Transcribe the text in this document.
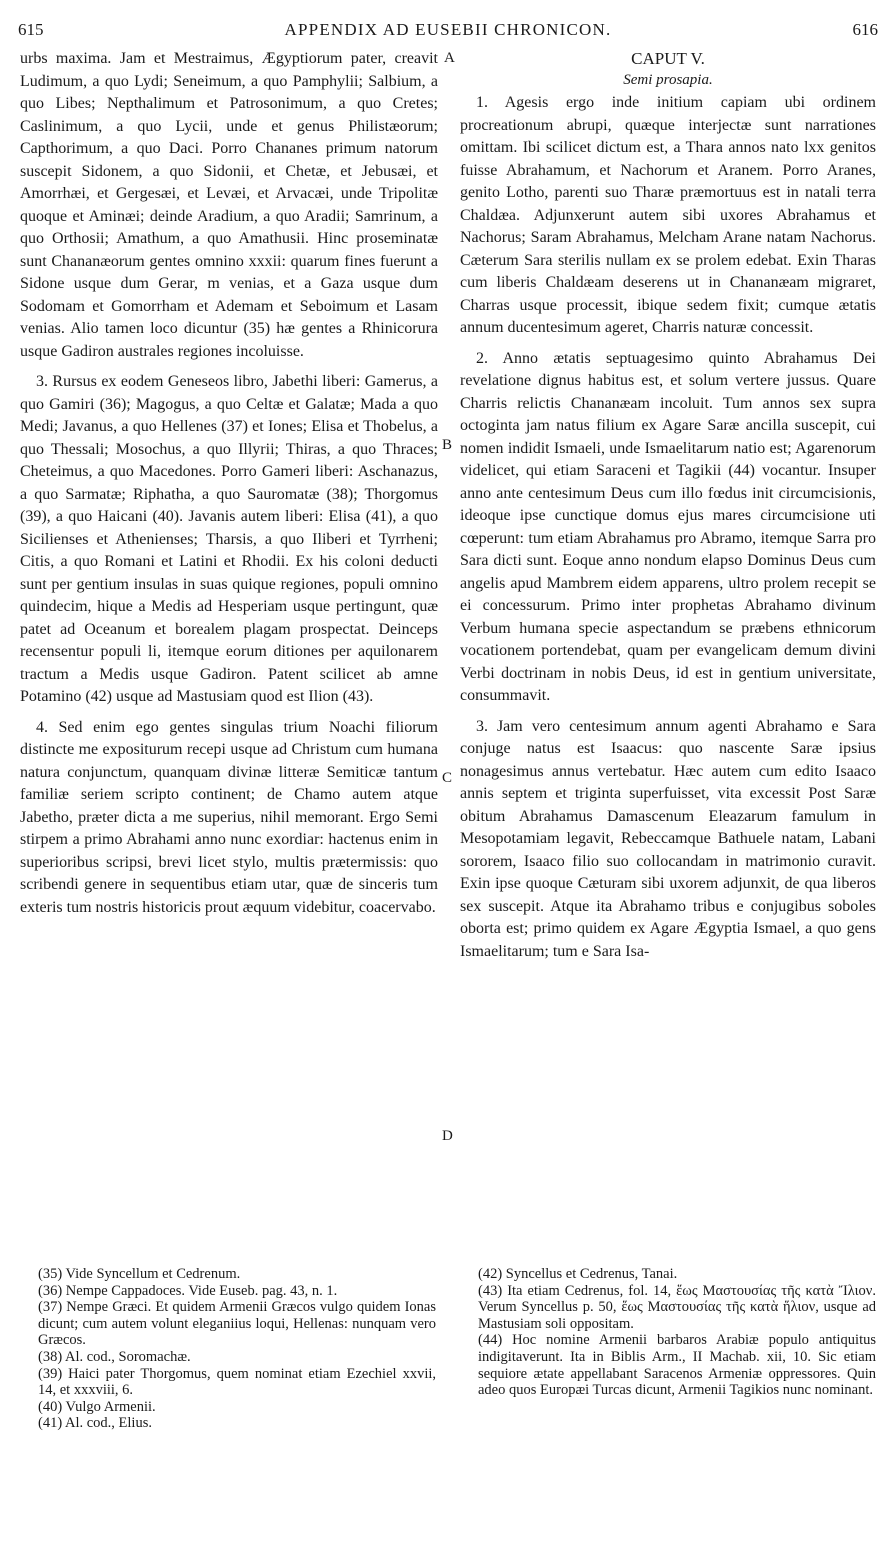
615	APPENDIX AD EUSEBII CHRONICON.	616
A
B
C
D

urbs maxima. Jam et Mestraimus, Ægyptiorum pater, creavit Ludimum, a quo Lydi; Seneimum, a quo Pamphylii; Salbium, a quo Libes; Nepthalimum et Patrosonimum, a quo Cretes; Caslinimum, a quo Lycii, unde et genus Philistæorum; Capthorimum, a quo Daci. Porro Chananes primum natorum suscepit Sidonem, a quo Sidonii, et Chetæ, et Jebusæi, et Amorrhæi, et Gergesæi, et Levæi, et Arvacæi, unde Tripolitæ quoque et Aminæi; deinde Aradium, a quo Aradii; Samrinum, a quo Orthosii; Amathum, a quo Amathusii. Hinc proseminatæ sunt Chananæorum gentes omnino xxxii: quarum fines fuerunt a Sidone usque dum Gerar, m venias, et a Gaza usque dum Sodomam et Gomorrham et Ademam et Seboimum et Lasam venias. Alio tamen loco dicuntur (35) hæ gentes a Rhinicorura usque Gadiron australes regiones incoluisse.

3. Rursus ex eodem Geneseos libro, Jabethi liberi: Gamerus, a quo Gamiri (36); Magogus, a quo Celtæ et Galatæ; Mada a quo Medi; Javanus, a quo Hellenes (37) et Iones; Elisa et Thobelus, a quo Thessali; Mosochus, a quo Illyrii; Thiras, a quo Thraces; Cheteimus, a quo Macedones. Porro Gameri liberi: Aschanazus, a quo Sarmatæ; Riphatha, a quo Sauromatæ (38); Thorgomus (39), a quo Haicani (40). Javanis autem liberi: Elisa (41), a quo Sicilienses et Athenienses; Tharsis, a quo Iliberi et Tyrrheni; Citis, a quo Romani et Latini et Rhodii. Ex his coloni deducti sunt per gentium insulas in suas quique regiones, populi omnino quindecim, hique a Medis ad Hesperiam usque pertingunt, quæ patet ad Oceanum et borealem plagam prospectat. Deinceps recensentur populi li, itemque eorum ditiones per aquilonarem tractum a Medis usque Gadiron. Patent scilicet ab amne Potamino (42) usque ad Mastusiam quod est Ilion (43).

4. Sed enim ego gentes singulas trium Noachi filiorum distincte me expositurum recepi usque ad Christum cum humana natura conjunctum, quanquam divinæ litteræ Semiticæ tantum familiæ seriem scripto continent; de Chamo autem atque Jabetho, præter dicta a me superius, nihil memorant. Ergo Semi stirpem a primo Abrahami anno nunc exordiar: hactenus enim in superioribus scripsi, brevi licet stylo, multis prætermissis: quo scribendi genere in sequentibus etiam utar, quæ de sinceris tum exteris tum nostris historicis prout æquum videbitur, coacervabo.

CAPUT V.
Semi prosapia.

1. Agesis ergo inde initium capiam ubi ordinem procreationum abrupi, quæque interjectæ sunt narrationes omittam. Ibi scilicet dictum est, a Thara annos nato lxx genitos fuisse Abrahamum, et Nachorum et Aranem. Porro Aranes, genito Lotho, parenti suo Tharæ præmortuus est in natali terra Chaldæa. Adjunxerunt autem sibi uxores Abrahamus et Nachorus; Saram Abrahamus, Melcham Arane natam Nachorus. Cæterum Sara sterilis nullam ex se prolem edebat. Exin Tharas cum liberis Chaldæam deserens ut in Chananæam migraret, Charras usque processit, ibique sedem fixit; cumque ætatis annum ducentesimum ageret, Charris naturæ concessit.

2. Anno ætatis septuagesimo quinto Abrahamus Dei revelatione dignus habitus est, et solum vertere jussus. Quare Charris relictis Chananæam incoluit. Tum annos sex supra octoginta jam natus filium ex Agare Saræ ancilla suscepit, cui nomen indidit Ismaeli, unde Ismaelitarum natio est; Agarenorum videlicet, qui etiam Saraceni et Tagikii (44) vocantur. Insuper anno ante centesimum Deus cum illo fœdus init circumcisionis, ideoque ipse cunctique domus ejus mares circumcisione uti cœperunt: tum etiam Abrahamus pro Abramo, itemque Sarra pro Sara dicti sunt. Eoque anno nondum elapso Dominus Deus cum angelis apud Mambrem eidem apparens, ultro prolem recepit se ei concessurum. Primo inter prophetas Abrahamo divinum Verbum humana specie aspectandum se præbens ethnicorum vocationem portendebat, quam per evangelicam demum divini Verbi doctrinam in nobis Deus, id est in gentium universitate, consummavit.

3. Jam vero centesimum annum agenti Abrahamo e Sara conjuge natus est Isaacus: quo nascente Saræ ipsius nonagesimus annus vertebatur. Hæc autem cum edito Isaaco annis septem et triginta superfuisset, vita excessit Post Saræ obitum Abrahamus Damascenum Eleazarum famulum in Mesopotamiam legavit, Rebeccamque Bathuele natam, Labani sororem, Isaaco filio suo collocandam in matrimonio curavit. Exin ipse quoque Cæturam sibi uxorem adjunxit, de qua liberos sex suscepit. Atque ita Abrahamo tribus e conjugibus soboles oborta est; primo quidem ex Agare Ægyptia Ismael, a quo gens Ismaelitarum; tum e Sara Isa-

(35) Vide Syncellum et Cedrenum.
(36) Nempe Cappadoces. Vide Euseb. pag. 43, n. 1.
(37) Nempe Græci. Et quidem Armenii Græcos vulgo quidem Ionas dicunt; cum autem volunt eleganiius loqui, Hellenas: nunquam vero Græcos.
(38) Al. cod., Soromachæ.
(39) Haici pater Thorgomus, quem nominat etiam Ezechiel xxvii, 14, et xxxviii, 6.
(40) Vulgo Armenii.
(41) Al. cod., Elius.
(42) Syncellus et Cedrenus, Tanai.
(43) Ita etiam Cedrenus, fol. 14, ἕως Μαστουσίας τῆς κατὰ Ἴλιον. Verum Syncellus p. 50, ἕως Μαστουσίας τῆς κατὰ ἥλιον, usque ad Mastusiam soli oppositam.
(44) Hoc nomine Armenii barbaros Arabiæ populo antiquitus indigitaverunt. Ita in Biblis Arm., II Machab. xii, 10. Sic etiam sequiore ætate appellabant Saracenos Armeniæ oppressores. Quin adeo quos Europæi Turcas dicunt, Armenii Tagikios nunc nominant.
